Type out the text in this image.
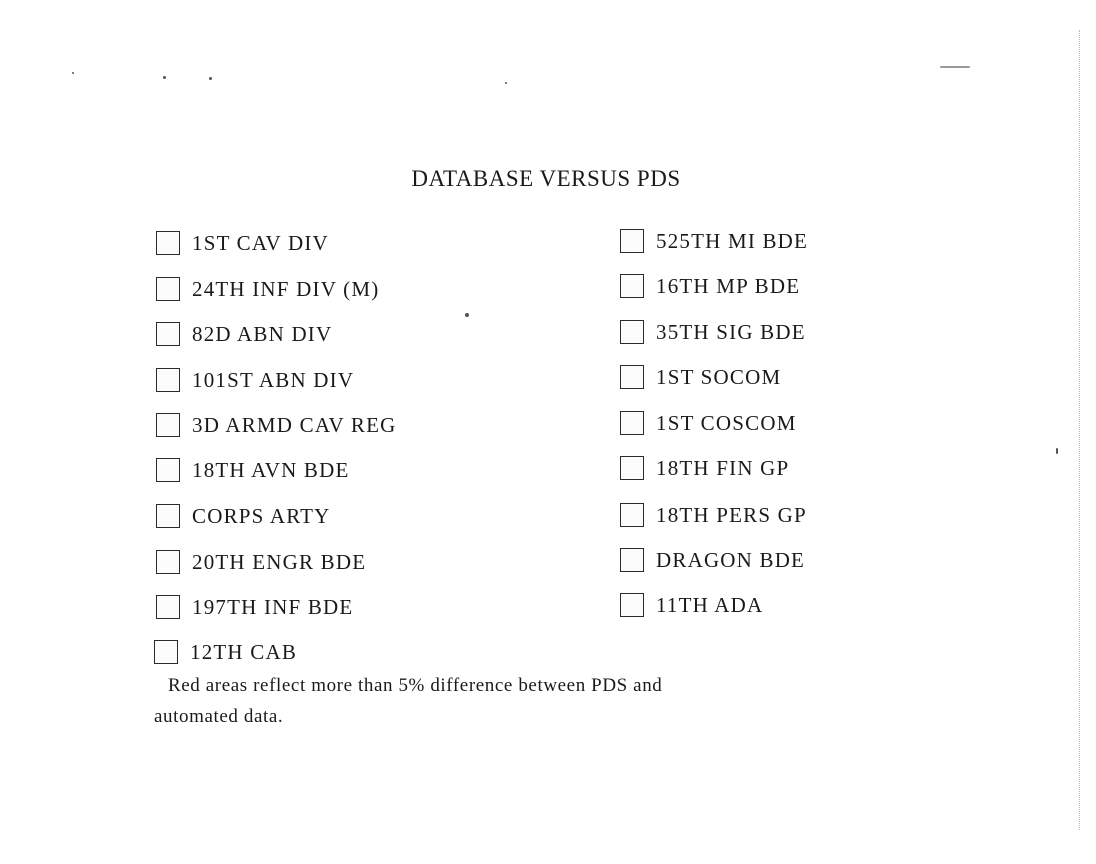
DATABASE VERSUS PDS
1ST CAV DIV
24TH INF DIV (M)
82D ABN DIV
101ST ABN DIV
3D ARMD CAV REG
18TH AVN BDE
CORPS ARTY
20TH ENGR BDE
197TH INF BDE
12TH CAB
525TH MI BDE
16TH MP BDE
35TH SIG BDE
1ST SOCOM
1ST COSCOM
18TH FIN GP
18TH PERS GP
DRAGON BDE
11TH ADA
Red areas reflect more than 5% difference between PDS and
automated data.
